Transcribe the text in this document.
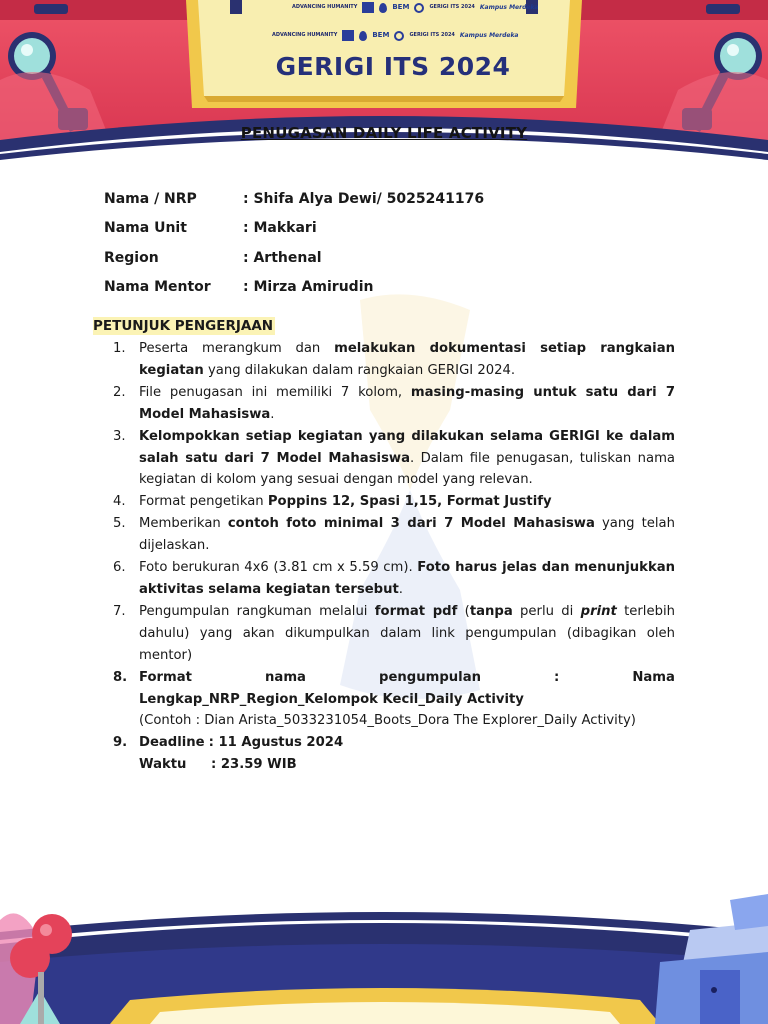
ADVANCING HUMANITY	BEM	GERIGI ITS 2024 Kampus Merdeka
ADVANCING HUMANITY	BEM	GERIGI ITS 2024 Kampus Merdeka
GERIGI ITS 2024
PENUGASAN DAILY LIFE ACTIVITY
Nama / NRP	: Shifa Alya Dewi/ 5025241176
Nama Unit	: Makkari
Region	: Arthenal
Nama Mentor	: Mirza Amirudin
PETUNJUK PENGERJAAN
1.	Peserta merangkum dan melakukan dokumentasi setiap rangkaian kegiatan yang dilakukan dalam rangkaian GERIGI 2024.
2.	File penugasan ini memiliki 7 kolom, masing-masing untuk satu dari 7 Model Mahasiswa.
3.	Kelompokkan setiap kegiatan yang dilakukan selama GERIGI ke dalam salah satu dari 7 Model Mahasiswa. Dalam file penugasan, tuliskan nama kegiatan di kolom yang sesuai dengan model yang relevan.
4.	Format pengetikan Poppins 12, Spasi 1,15, Format Justify
5.	Memberikan contoh foto minimal 3 dari 7 Model Mahasiswa yang telah dijelaskan.
6.	Foto berukuran 4x6 (3.81 cm x 5.59 cm). Foto harus jelas dan menunjukkan aktivitas selama kegiatan tersebut.
7.	Pengumpulan rangkuman melalui format pdf (tanpa perlu di print terlebih dahulu) yang akan dikumpulkan dalam link pengumpulan (dibagikan oleh mentor)
8. Format	nama	pengumpulan	:	Nama
Lengkap_NRP_Region_Kelompok Kecil_Daily Activity
(Contoh : Dian Arista_5033231054_Boots_Dora The Explorer_Daily Activity)
9. Deadline : 11 Agustus 2024
Waktu	: 23.59 WIB
